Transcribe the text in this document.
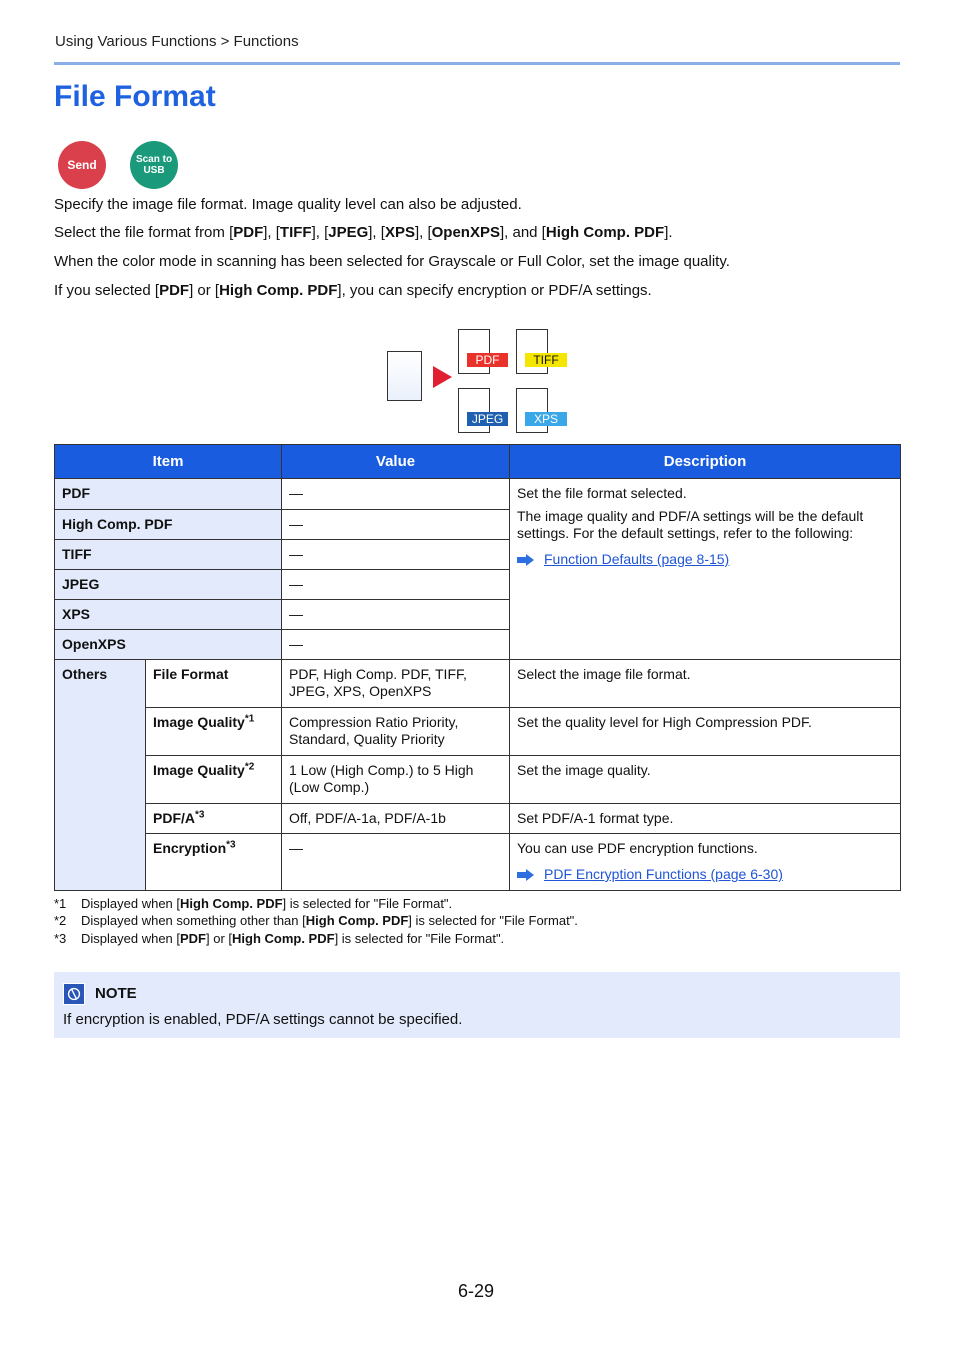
Using Various Functions > Functions
File Format
Send	Scan to
USB

Specify the image file format. Image quality level can also be adjusted.

Select the file format from [PDF], [TIFF], [JPEG], [XPS], [OpenXPS], and [High Comp. PDF].

When the color mode in scanning has been selected for Grayscale or Full Color, set the image quality.

If you selected [PDF] or [High Comp. PDF], you can specify encryption or PDF/A settings.

PDF	TIFF
JPEG	XPS
Item		Value	Description
PDF		—	Set the file format selected.

The image quality and PDF/A settings will be the default settings. For the default settings, refer to the following:

Function Defaults (page 8-15)

High Comp. PDF		—	
TIFF		—	
JPEG		—	
XPS		—	
OpenXPS		—	
Others	File Format	PDF, High Comp. PDF, TIFF, JPEG, XPS, OpenXPS	Select the image file format.
	Image Quality$^{*1}$	Compression Ratio Priority, Standard, Quality Priority	Set the quality level for High Compression PDF.
	Image Quality$^{*2}$	1 Low (High Comp.) to 5 High (Low Comp.)	Set the image quality.
	PDF/$A^{*3}$	Off, PDF/A-1a, PDF/A-1b	Set PDF/A-1 format type.
	Encryption$^{*3}$	—	You can use PDF encryption functions.

PDF Encryption Functions (page 6-30)

*1 Displayed when [High Comp. PDF] is selected for "File Format".

*2 Displayed when something other than [High Comp. PDF] is selected for "File Format".

*3 Displayed when [PDF] or [High Comp. PDF] is selected for "File Format".

NOTE
If encryption is enabled, PDF/A settings cannot be specified.
6-29
